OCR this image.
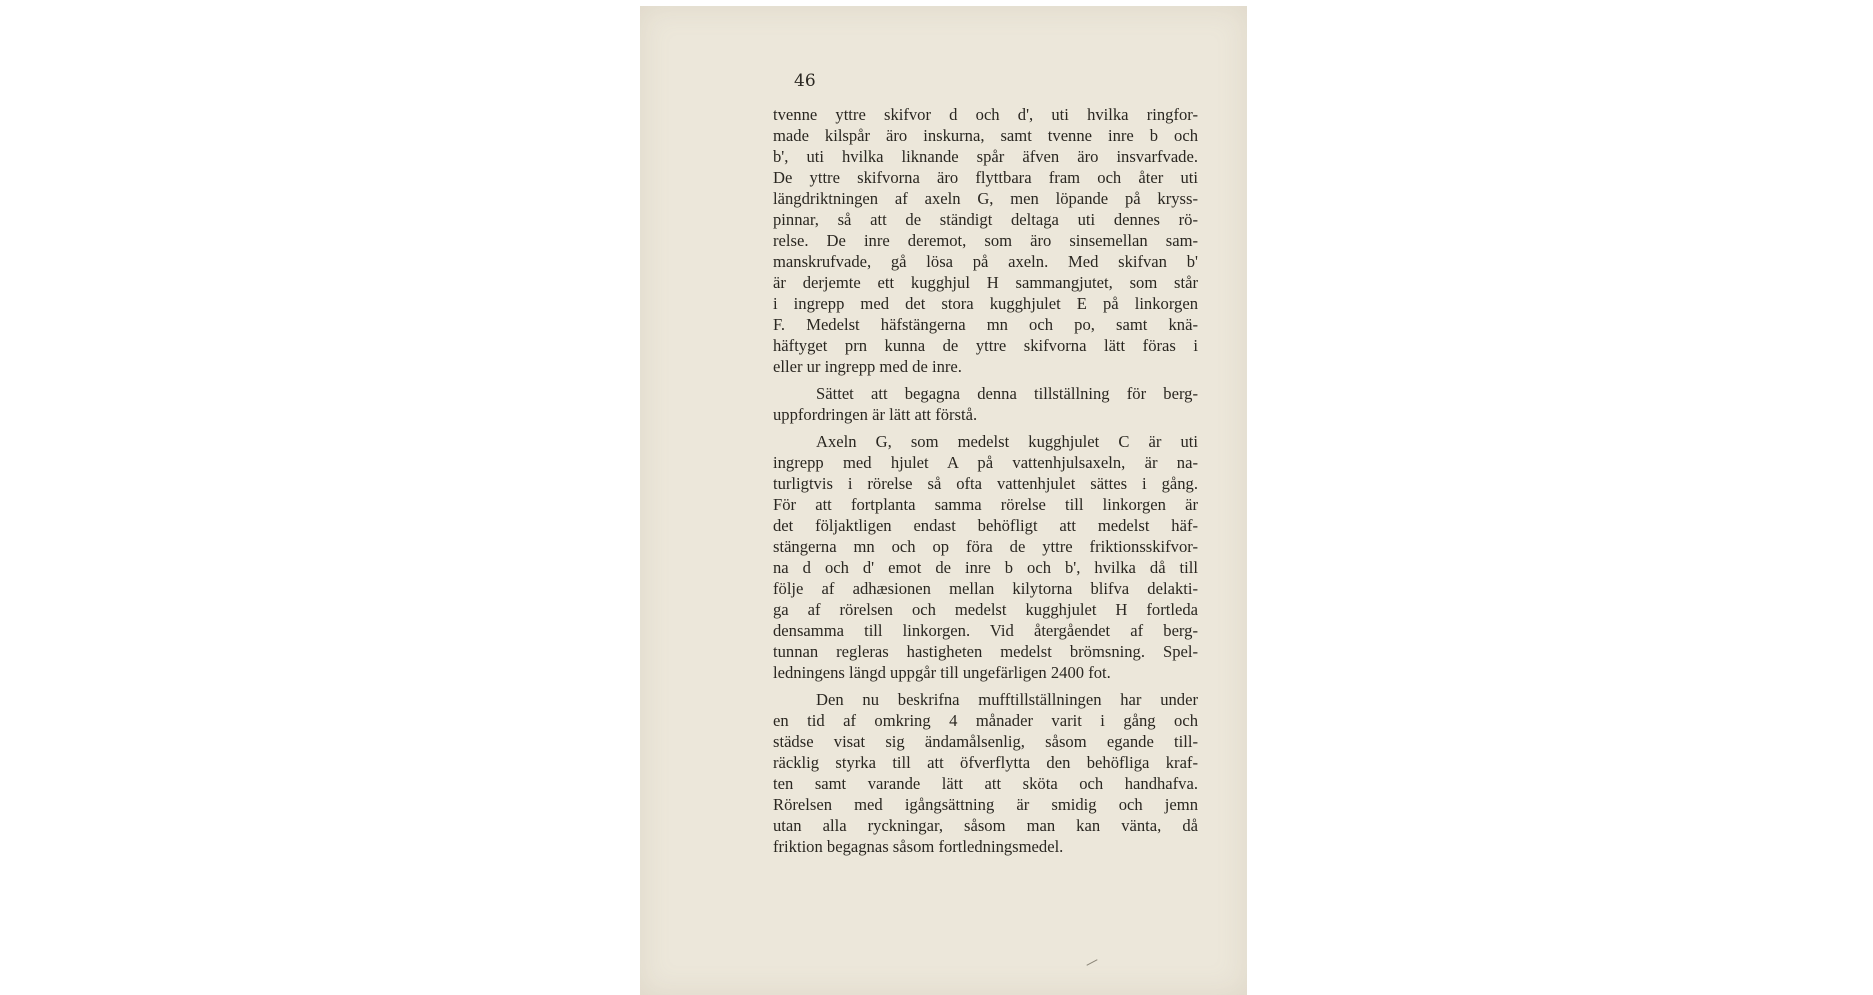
46
tvenne yttre skifvor d och d', uti hvilka ringfor-
made kilspår äro inskurna, samt tvenne inre b och
b', uti hvilka liknande spår äfven äro insvarfvade.
De yttre skifvorna äro flyttbara fram och åter uti
längdriktningen af axeln G, men löpande på kryss-
pinnar, så att de ständigt deltaga uti dennes rö-
relse. De inre deremot, som äro sinsemellan sam-
manskrufvade, gå lösa på axeln. Med skifvan b'
är derjemte ett kugghjul H sammangjutet, som står
i ingrepp med det stora kugghjulet E på linkorgen
F. Medelst häfstängerna mn och po, samt knä-
häftyget prn kunna de yttre skifvorna lätt föras i
eller ur ingrepp med de inre.
Sättet att begagna denna tillställning för berg-
uppfordringen är lätt att förstå.
Axeln G, som medelst kugghjulet C är uti
ingrepp med hjulet A på vattenhjulsaxeln, är na-
turligtvis i rörelse så ofta vattenhjulet sättes i gång.
För att fortplanta samma rörelse till linkorgen är
det följaktligen endast behöfligt att medelst häf-
stängerna mn och op föra de yttre friktionsskifvor-
na d och d' emot de inre b och b', hvilka då till
följe af adhæsionen mellan kilytorna blifva delakti-
ga af rörelsen och medelst kugghjulet H fortleda
densamma till linkorgen. Vid återgåendet af berg-
tunnan regleras hastigheten medelst brömsning. Spel-
ledningens längd uppgår till ungefärligen 2400 fot.
Den nu beskrifna mufftillställningen har under
en tid af omkring 4 månader varit i gång och
städse visat sig ändamålsenlig, såsom egande till-
räcklig styrka till att öfverflytta den behöfliga kraf-
ten samt varande lätt att sköta och handhafva.
Rörelsen med igångsättning är smidig och jemn
utan alla ryckningar, såsom man kan vänta, då
friktion begagnas såsom fortledningsmedel.
